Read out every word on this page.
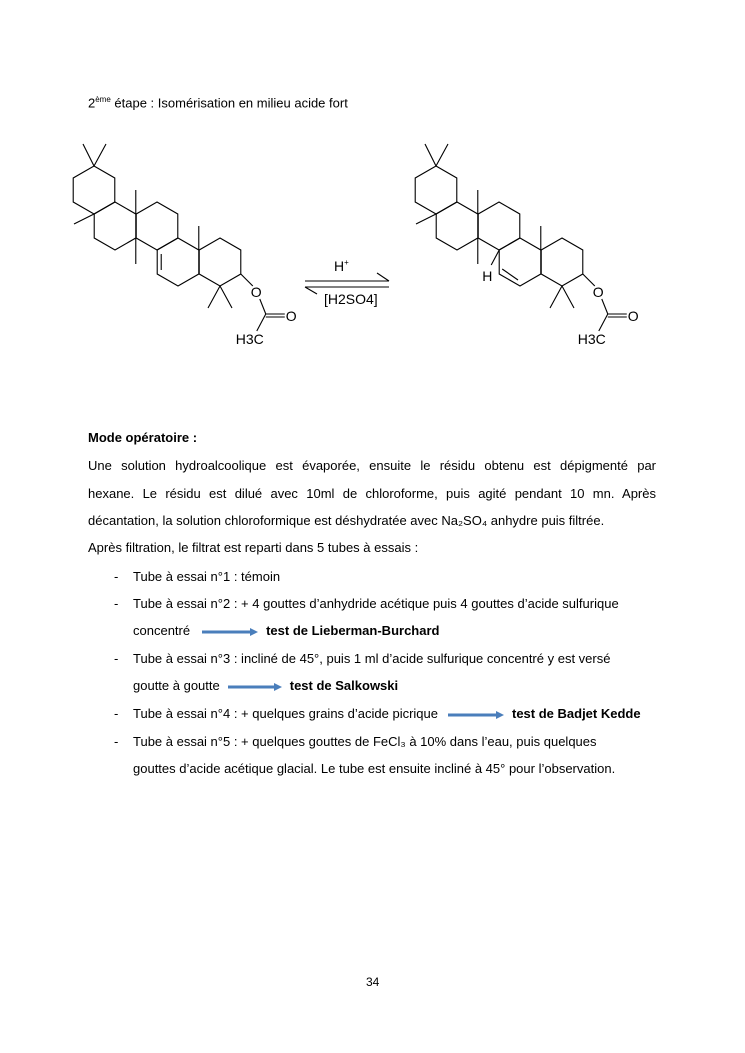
2ème étape : Isomérisation en milieu acide fort
O
O
H3C
H
O
O
H3C
H+
[H2SO4]
Mode opératoire :
Une solution hydroalcoolique est évaporée, ensuite le résidu obtenu est dépigmenté par
hexane. Le résidu est dilué avec 10ml de chloroforme, puis agité pendant 10 mn. Après
décantation, la solution chloroformique est déshydratée avec Na₂SO₄ anhydre puis filtrée.
Après filtration, le filtrat est reparti dans 5 tubes à essais :
- Tube à essai n°1 : témoin
- Tube à essai n°2 : + 4 gouttes d’anhydride acétique puis 4 gouttes d’acide sulfurique
concentré	test de Lieberman-Burchard
- Tube à essai n°3 : incliné de 45°, puis 1 ml d’acide sulfurique concentré y est versé
goutte à goutte	test de Salkowski
- Tube à essai n°4 : + quelques grains d’acide picrique	test de Badjet Kedde
- Tube à essai n°5 : + quelques gouttes de FeCl₃ à 10% dans l’eau, puis quelques
gouttes d’acide acétique glacial. Le tube est ensuite incliné à 45° pour l’observation.
34
